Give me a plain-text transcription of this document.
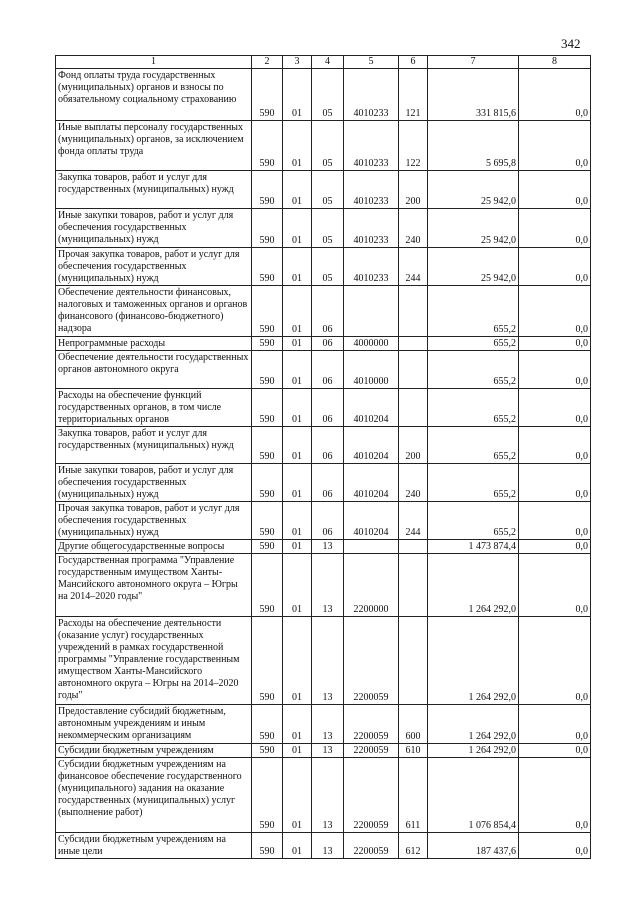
342
1	2	3	4	5	6	7	8
Фонд оплаты труда государственных (муниципальных) органов и взносы по обязательному социальному страхованию	590	01	05	4010233	121	331 815,6	0,0
Иные выплаты персоналу государственных (муниципальных) органов, за исключением фонда оплаты труда	590	01	05	4010233	122	5 695,8	0,0
Закупка товаров, работ и услуг для государственных (муниципальных) нужд	590	01	05	4010233	200	25 942,0	0,0
Иные закупки товаров, работ и услуг для обеспечения государственных (муниципальных) нужд	590	01	05	4010233	240	25 942,0	0,0
Прочая закупка товаров, работ и услуг для обеспечения государственных (муниципальных) нужд	590	01	05	4010233	244	25 942,0	0,0
Обеспечение деятельности финансовых, налоговых и таможенных органов и органов финансового (финансово-бюджетного) надзора	590	01	06			655,2	0,0
Непрограммные расходы	590	01	06	4000000		655,2	0,0
Обеспечение деятельности государственных органов автономного округа	590	01	06	4010000		655,2	0,0
Расходы на обеспечение функций государственных органов, в том числе территориальных органов	590	01	06	4010204		655,2	0,0
Закупка товаров, работ и услуг для государственных (муниципальных) нужд	590	01	06	4010204	200	655,2	0,0
Иные закупки товаров, работ и услуг для обеспечения государственных (муниципальных) нужд	590	01	06	4010204	240	655,2	0,0
Прочая закупка товаров, работ и услуг для обеспечения государственных (муниципальных) нужд	590	01	06	4010204	244	655,2	0,0
Другие общегосударственные вопросы	590	01	13			1 473 874,4	0,0
Государственная программа "Управление государственным имуществом Ханты-Мансийского автономного округа – Югры на 2014–2020 годы"	590	01	13	2200000		1 264 292,0	0,0
Расходы на обеспечение деятельности (оказание услуг) государственных учреждений в рамках государственной программы "Управление государственным имуществом Ханты-Мансийского автономного округа – Югры на 2014–2020 годы"	590	01	13	2200059		1 264 292,0	0,0
Предоставление субсидий бюджетным, автономным учреждениям и иным некоммерческим организациям	590	01	13	2200059	600	1 264 292,0	0,0
Субсидии бюджетным учреждениям	590	01	13	2200059	610	1 264 292,0	0,0
Субсидии бюджетным учреждениям на финансовое обеспечение государственного (муниципального) задания на оказание государственных (муниципальных) услуг (выполнение работ)	590	01	13	2200059	611	1 076 854,4	0,0
Субсидии бюджетным учреждениям на иные цели	590	01	13	2200059	612	187 437,6	0,0
